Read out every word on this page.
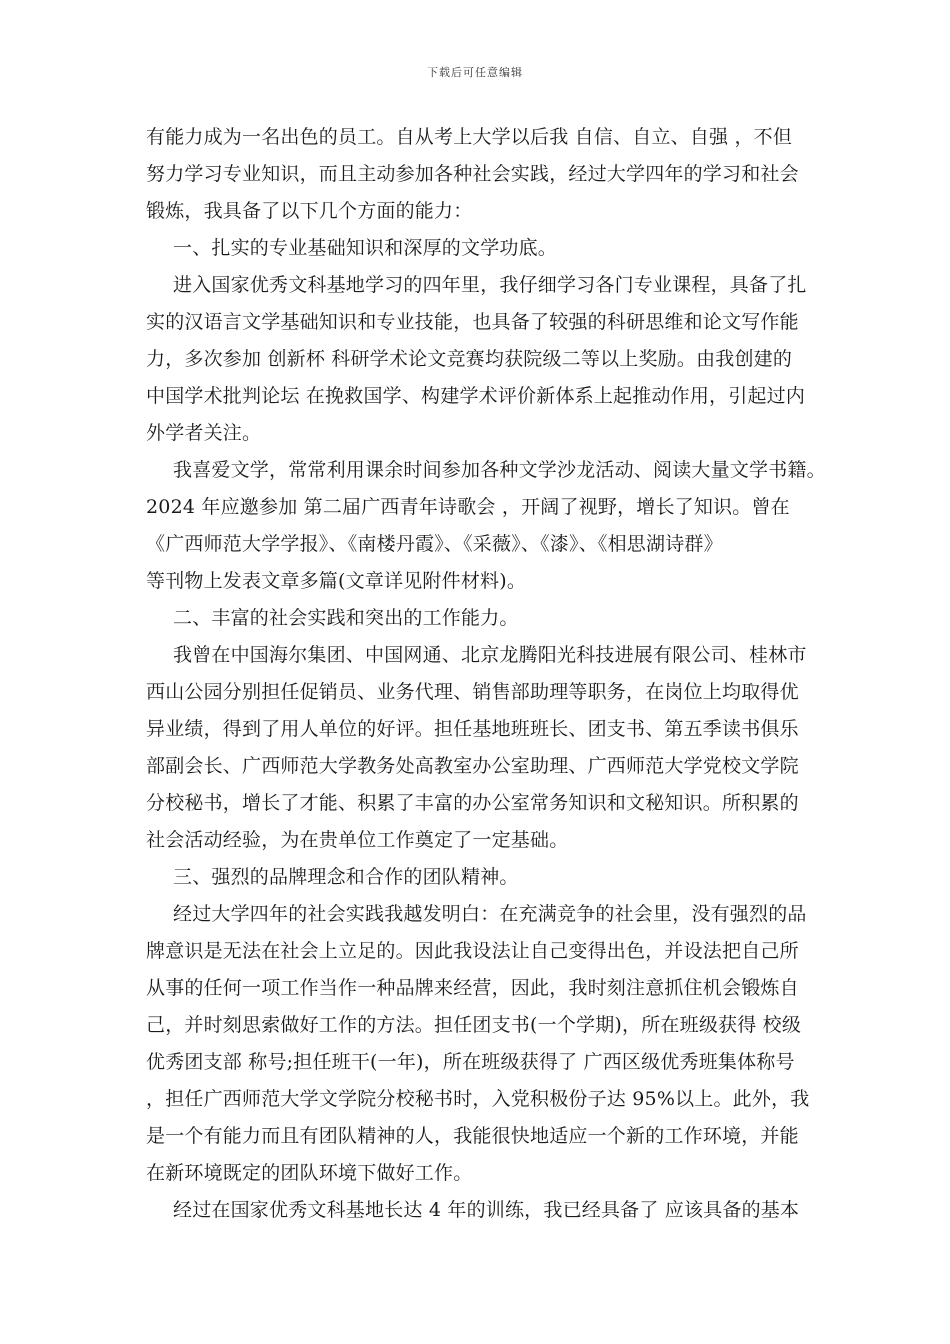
下载后可任意编辑
有能力成为一名出色的员工。自从考上大学以后我 自信、自立、自强 ，不但
努力学习专业知识，而且主动参加各种社会实践，经过大学四年的学习和社会
锻炼，我具备了以下几个方面的能力：
一、扎实的专业基础知识和深厚的文学功底。
进入国家优秀文科基地学习的四年里，我仔细学习各门专业课程，具备了扎
实的汉语言文学基础知识和专业技能，也具备了较强的科研思维和论文写作能
力，多次参加 创新杯 科研学术论文竞赛均获院级二等以上奖励。由我创建的
中国学术批判论坛 在挽救国学、构建学术评价新体系上起推动作用，引起过内
外学者关注。
我喜爱文学，常常利用课余时间参加各种文学沙龙活动、阅读大量文学书籍。
2024 年应邀参加 第二届广西青年诗歌会 ，开阔了视野，增长了知识。曾在
《广西师范大学学报》、《南楼丹霞》、《采薇》、《漆》、《相思湖诗群》
等刊物上发表文章多篇(文章详见附件材料)。
二、丰富的社会实践和突出的工作能力。
我曾在中国海尔集团、中国网通、北京龙腾阳光科技进展有限公司、桂林市
西山公园分别担任促销员、业务代理、销售部助理等职务，在岗位上均取得优
异业绩，得到了用人单位的好评。担任基地班班长、团支书、第五季读书俱乐
部副会长、广西师范大学教务处高教室办公室助理、广西师范大学党校文学院
分校秘书，增长了才能、积累了丰富的办公室常务知识和文秘知识。所积累的
社会活动经验，为在贵单位工作奠定了一定基础。
三、强烈的品牌理念和合作的团队精神。
经过大学四年的社会实践我越发明白：在充满竞争的社会里，没有强烈的品
牌意识是无法在社会上立足的。因此我设法让自己变得出色，并设法把自己所
从事的任何一项工作当作一种品牌来经营，因此，我时刻注意抓住机会锻炼自
己，并时刻思索做好工作的方法。担任团支书(一个学期)，所在班级获得 校级
优秀团支部 称号;担任班干(一年)，所在班级获得了 广西区级优秀班集体称号
，担任广西师范大学文学院分校秘书时，入党积极份子达 95%以上。此外，我
是一个有能力而且有团队精神的人，我能很快地适应一个新的工作环境，并能
在新环境既定的团队环境下做好工作。
经过在国家优秀文科基地长达 4 年的训练，我已经具备了 应该具备的基本
